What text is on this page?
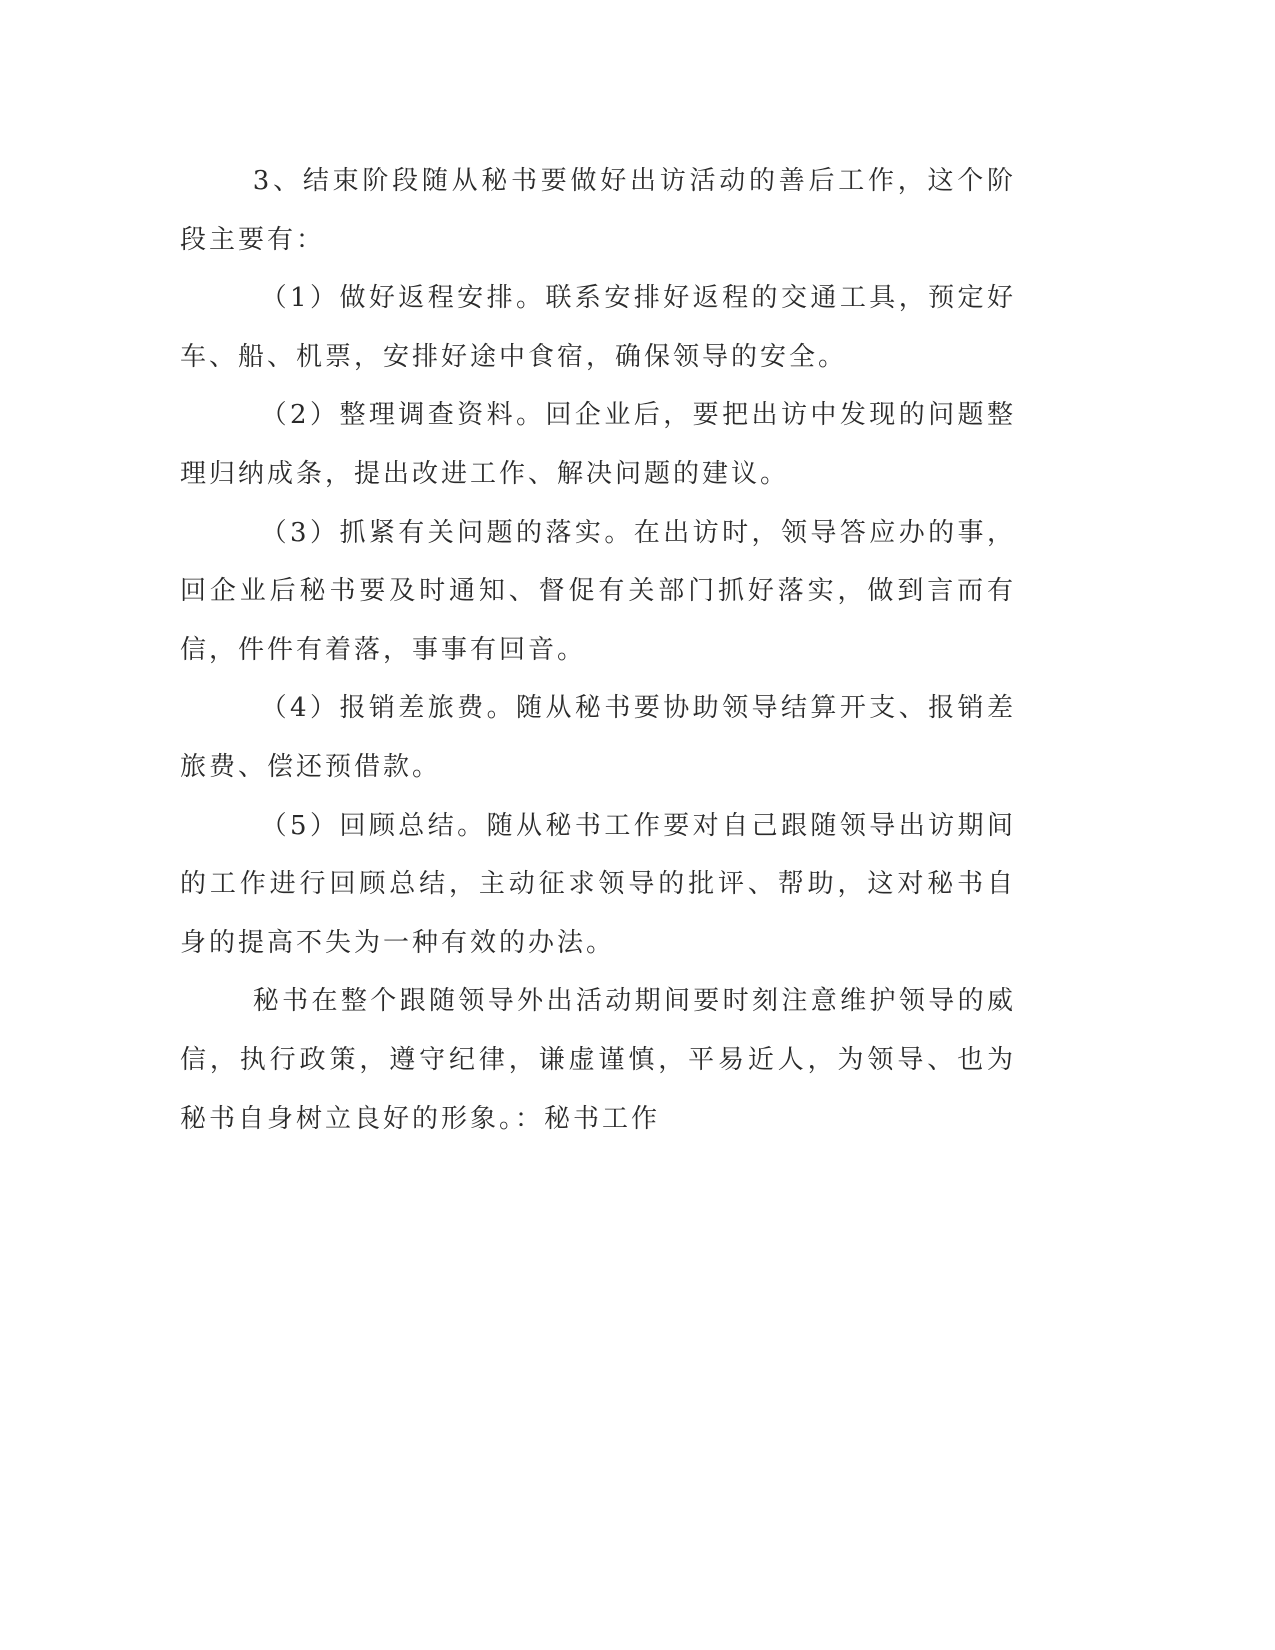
3、结束阶段随从秘书要做好出访活动的善后工作，这个阶段主要有：

（1）做好返程安排。联系安排好返程的交通工具，预定好车、船、机票，安排好途中食宿，确保领导的安全。

（2）整理调查资料。回企业后，要把出访中发现的问题整理归纳成条，提出改进工作、解决问题的建议。

（3）抓紧有关问题的落实。在出访时，领导答应办的事，回企业后秘书要及时通知、督促有关部门抓好落实，做到言而有信，件件有着落，事事有回音。

（4）报销差旅费。随从秘书要协助领导结算开支、报销差旅费、偿还预借款。

（5）回顾总结。随从秘书工作要对自己跟随领导出访期间的工作进行回顾总结，主动征求领导的批评、帮助，这对秘书自身的提高不失为一种有效的办法。

秘书在整个跟随领导外出活动期间要时刻注意维护领导的威信，执行政策，遵守纪律，谦虚谨慎，平易近人，为领导、也为秘书自身树立良好的形象。：秘书工作
